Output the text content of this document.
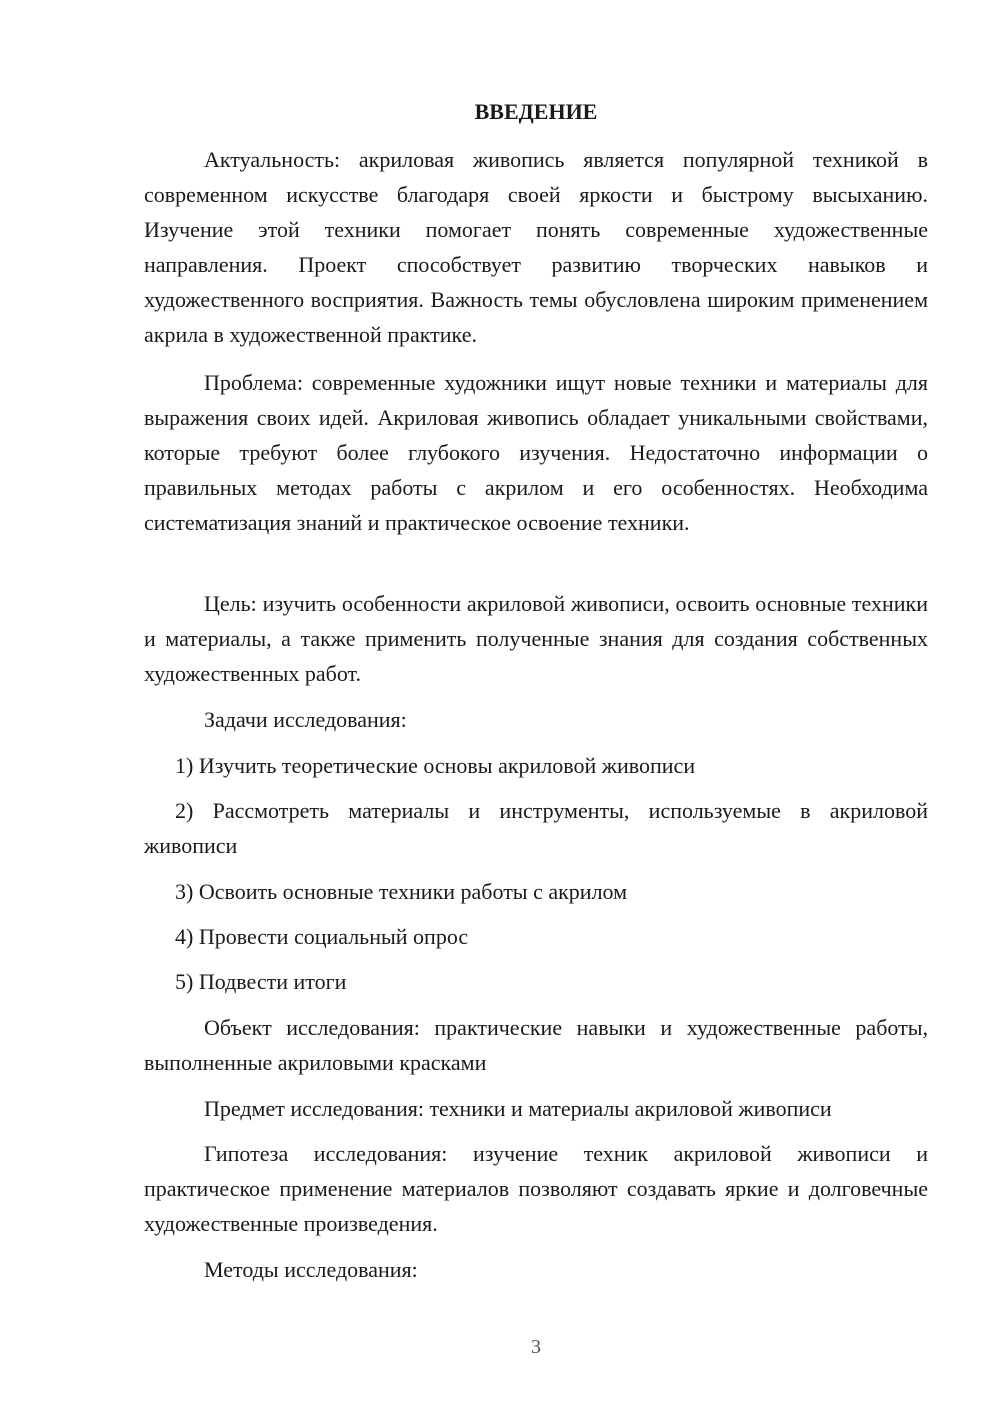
ВВЕДЕНИЕ

Актуальность: акриловая живопись является популярной техникой в современном искусстве благодаря своей яркости и быстрому высыханию. Изучение этой техники помогает понять современные художественные направления. Проект способствует развитию творческих навыков и художественного восприятия. Важность темы обусловлена широким применением акрила в художественной практике.

Проблема: современные художники ищут новые техники и материалы для выражения своих идей. Акриловая живопись обладает уникальными свойствами, которые требуют более глубокого изучения. Недостаточно информации о правильных методах работы с акрилом и его особенностях. Необходима систематизация знаний и практическое освоение техники.

Цель: изучить особенности акриловой живописи, освоить основные техники и материалы, а также применить полученные знания для создания собственных художественных работ.

Задачи исследования:

1) Изучить теоретические основы акриловой живописи

2) Рассмотреть материалы и инструменты, используемые в акриловой живописи

3) Освоить основные техники работы с акрилом

4) Провести социальный опрос

5) Подвести итоги

Объект исследования: практические навыки и художественные работы, выполненные акриловыми красками

Предмет исследования: техники и материалы акриловой живописи

Гипотеза исследования: изучение техник акриловой живописи и практическое применение материалов позволяют создавать яркие и долговечные художественные произведения.

Методы исследования:

3
